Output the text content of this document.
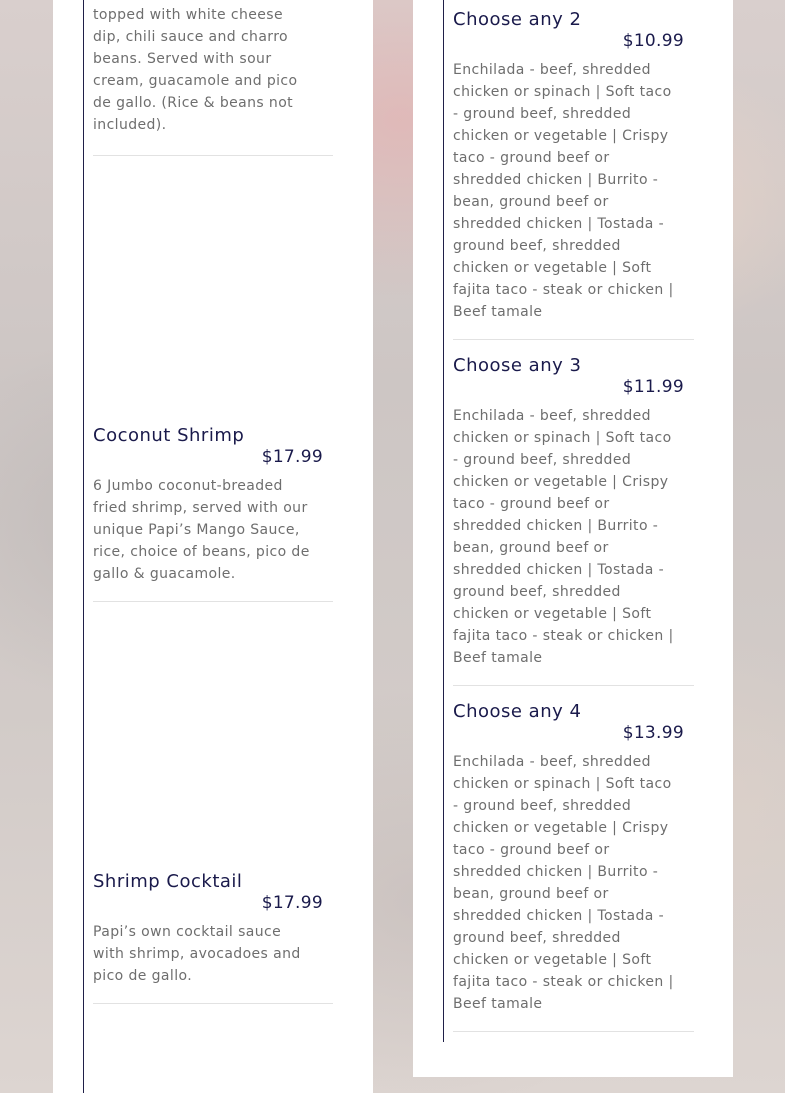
topped with white cheese dip, chili sauce and charro beans. Served with sour cream, guacamole and pico de gallo. (Rice & beans not included).

Coconut Shrimp
$17.99

6 Jumbo coconut-breaded fried shrimp, served with our unique Papi’s Mango Sauce, rice, choice of beans, pico de gallo & guacamole.

Shrimp Cocktail
$17.99

Papi’s own cocktail sauce with shrimp, avocadoes and pico de gallo.

Choose any 2
$10.99

Enchilada - beef, shredded chicken or spinach | Soft taco - ground beef, shredded chicken or vegetable | Crispy taco - ground beef or shredded chicken | Burrito - bean, ground beef or shredded chicken | Tostada - ground beef, shredded chicken or vegetable | Soft fajita taco - steak or chicken | Beef tamale

Choose any 3
$11.99

Enchilada - beef, shredded chicken or spinach | Soft taco - ground beef, shredded chicken or vegetable | Crispy taco - ground beef or shredded chicken | Burrito - bean, ground beef or shredded chicken | Tostada - ground beef, shredded chicken or vegetable | Soft fajita taco - steak or chicken | Beef tamale

Choose any 4
$13.99

Enchilada - beef, shredded chicken or spinach | Soft taco - ground beef, shredded chicken or vegetable | Crispy taco - ground beef or shredded chicken | Burrito - bean, ground beef or shredded chicken | Tostada - ground beef, shredded chicken or vegetable | Soft fajita taco - steak or chicken | Beef tamale
